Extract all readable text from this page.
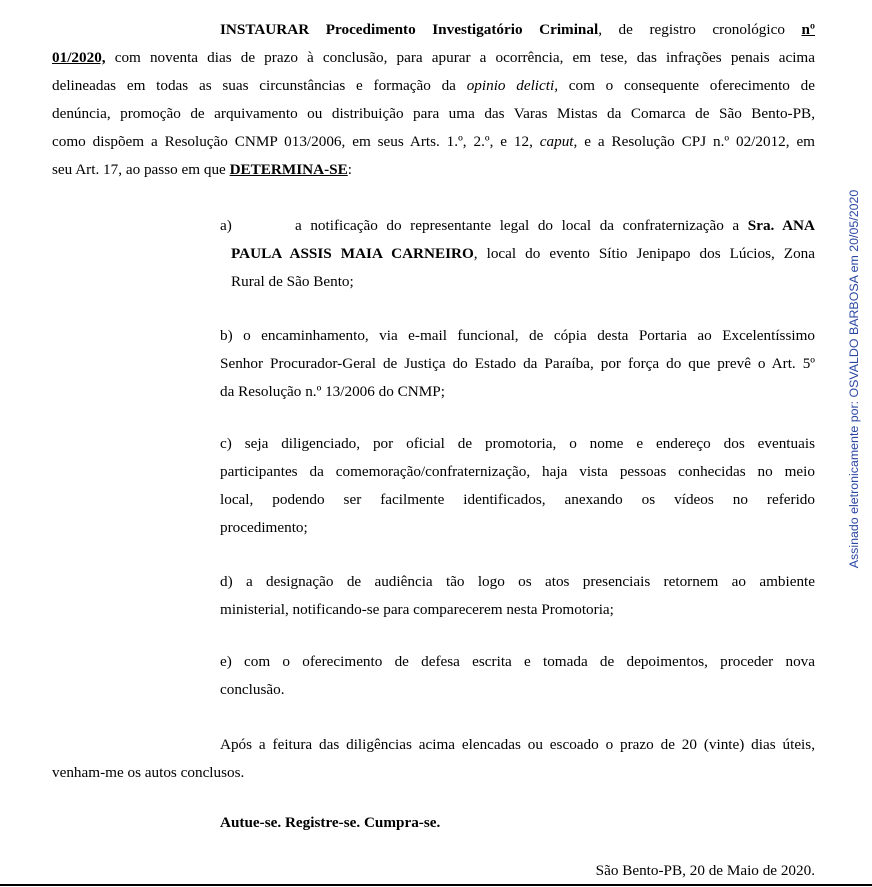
INSTAURAR Procedimento Investigatório Criminal, de registro cronológico nº
01/2020, com noventa dias de prazo à conclusão, para apurar a ocorrência, em tese, das infrações penais acima
delineadas em todas as suas circunstâncias e formação da opinio delicti, com o consequente oferecimento de
denúncia, promoção de arquivamento ou distribuição para uma das Varas Mistas da Comarca de São Bento-PB,
como dispõem a Resolução CNMP 013/2006, em seus Arts. 1.º, 2.º, e 12, caput, e a Resolução CPJ n.º 02/2012, em
seu Art. 17, ao passo em que DETERMINA-SE:
a)	a notificação do representante legal do local da confraternização a Sra. ANA
PAULA ASSIS MAIA CARNEIRO, local do evento Sítio Jenipapo dos Lúcios, Zona
Rural de São Bento;
b) o encaminhamento, via e-mail funcional, de cópia desta Portaria ao Excelentíssimo
Senhor Procurador-Geral de Justiça do Estado da Paraíba, por força do que prevê o Art. 5º
da Resolução n.º 13/2006 do CNMP;
c) seja diligenciado, por oficial de promotoria, o nome e endereço dos eventuais
participantes da comemoração/confraternização, haja vista pessoas conhecidas no meio
local, podendo ser facilmente identificados, anexando os vídeos no referido
procedimento;
d) a designação de audiência tão logo os atos presenciais retornem ao ambiente
ministerial, notificando-se para comparecerem nesta Promotoria;
e) com o oferecimento de defesa escrita e tomada de depoimentos, proceder nova
conclusão.
Após a feitura das diligências acima elencadas ou escoado o prazo de 20 (vinte) dias úteis,
venham-me os autos conclusos.
Autue-se. Registre-se. Cumpra-se.
São Bento-PB, 20 de Maio de 2020.
Assinado eletronicamente por: OSVALDO BARBOSA em 20/05/2020
